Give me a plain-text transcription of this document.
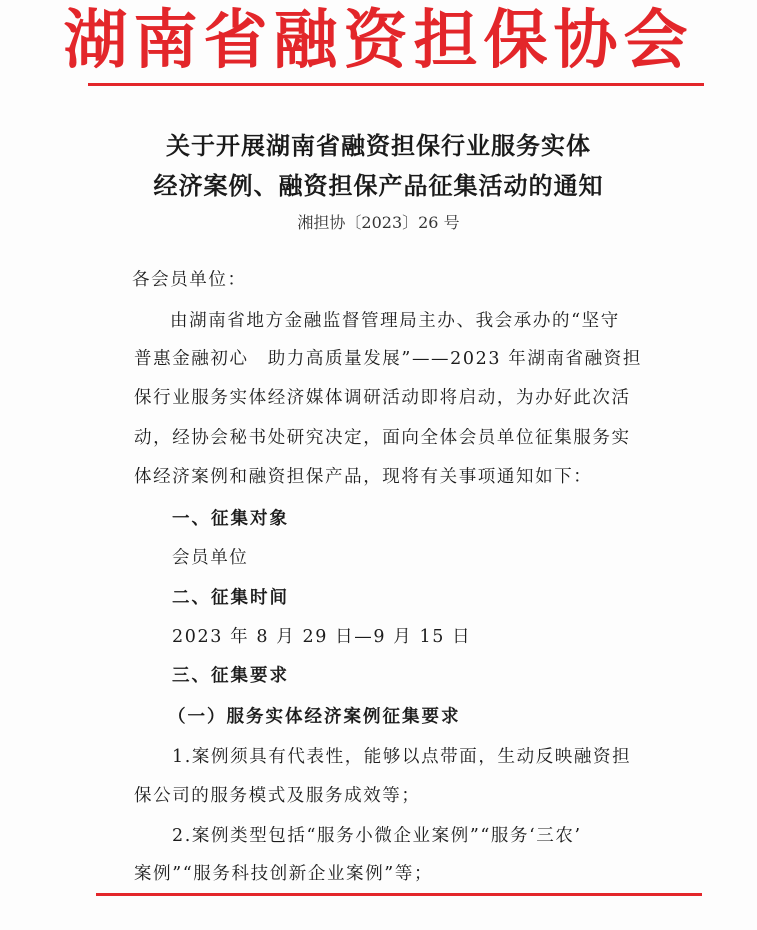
湖南省融资担保协会
关于开展湖南省融资担保行业服务实体
经济案例、融资担保产品征集活动的通知
湘担协〔2023〕26 号
各会员单位：
由湖南省地方金融监督管理局主办、我会承办的“坚守
普惠金融初心　助力高质量发展”——2023 年湖南省融资担
保行业服务实体经济媒体调研活动即将启动，为办好此次活
动，经协会秘书处研究决定，面向全体会员单位征集服务实
体经济案例和融资担保产品，现将有关事项通知如下：
一、征集对象
会员单位
二、征集时间
2023 年 8 月 29 日—9 月 15 日
三、征集要求
（一）服务实体经济案例征集要求
1.案例须具有代表性，能够以点带面，生动反映融资担
保公司的服务模式及服务成效等；
2.案例类型包括“服务小微企业案例”“服务‘三农’
案例”“服务科技创新企业案例”等；
